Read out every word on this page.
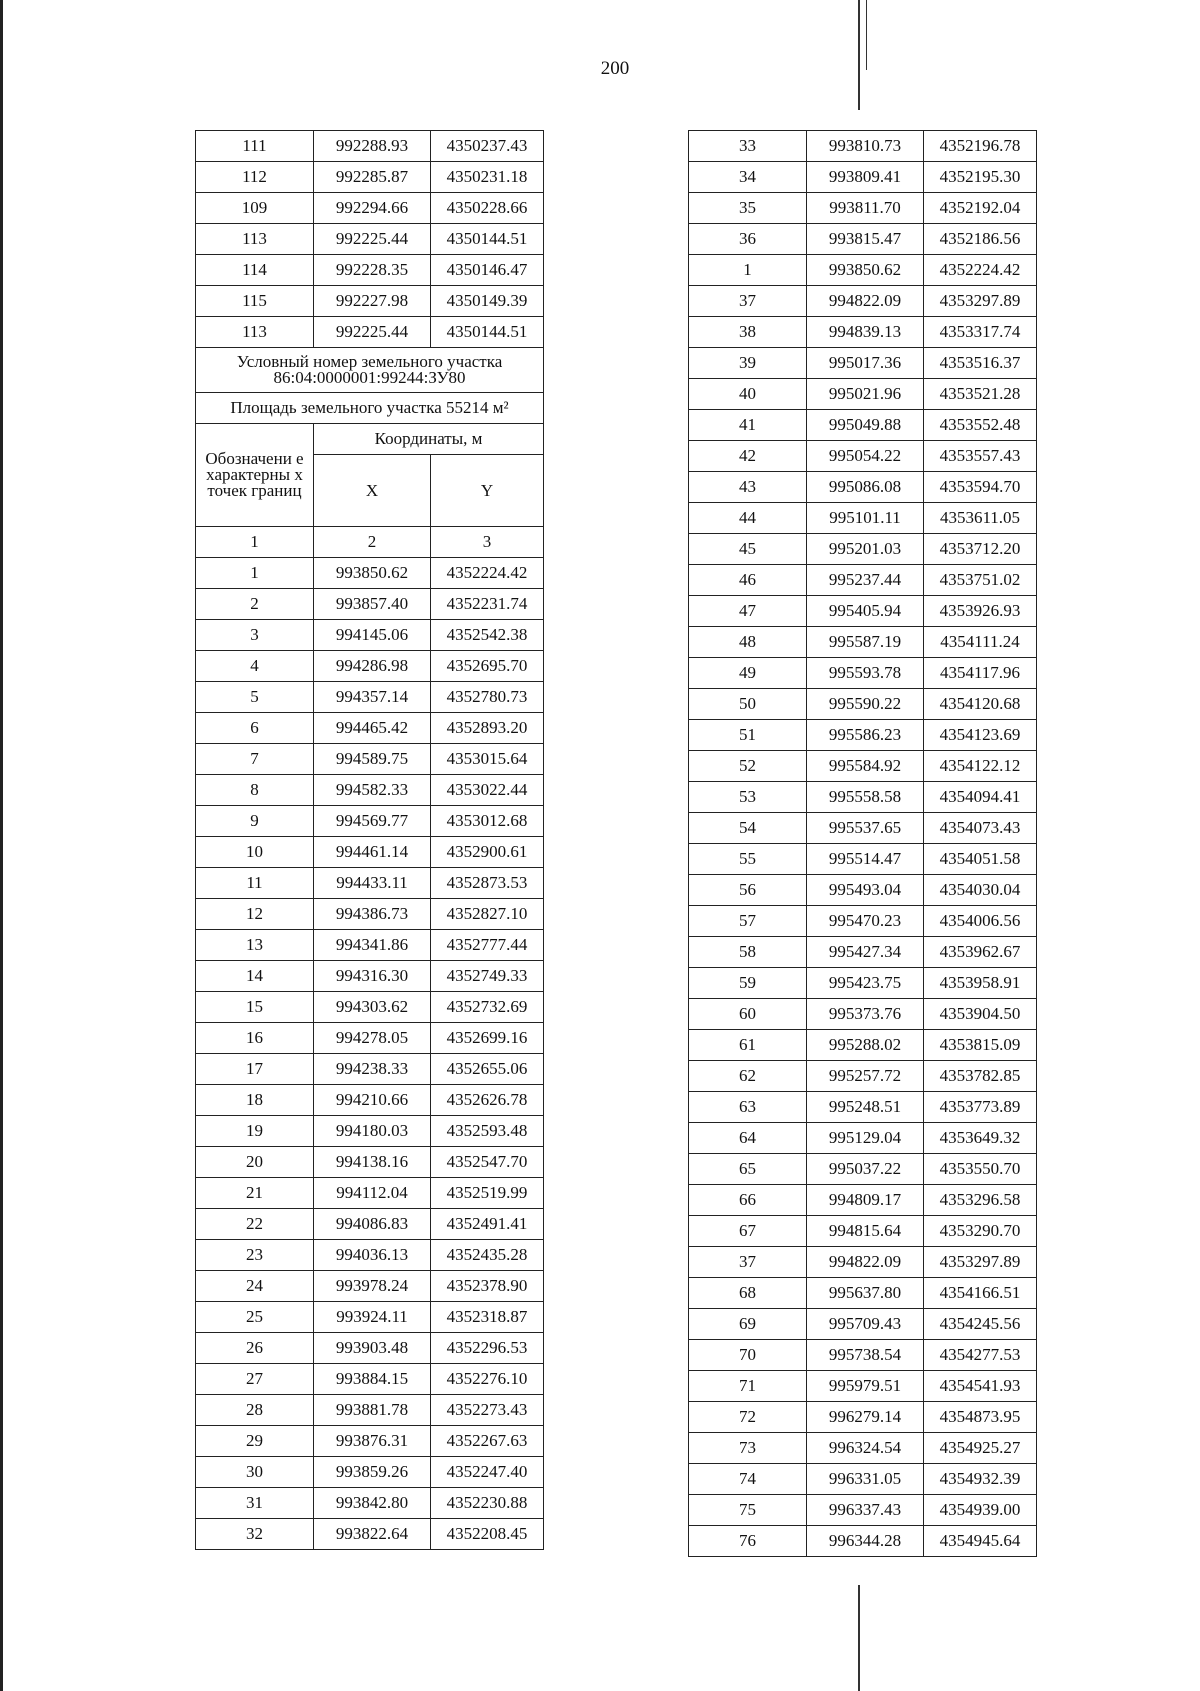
200
111	992288.93	4350237.43
112	992285.87	4350231.18
109	992294.66	4350228.66
113	992225.44	4350144.51
114	992228.35	4350146.47
115	992227.98	4350149.39
113	992225.44	4350144.51
Условный номер земельного участка
86:04:0000001:99244:ЗУ80		
Площадь земельного участка 55214 м²		
Обозначени е характерны х точек границ	Координаты, м	
	X	Y
1	2	3
1	993850.62	4352224.42
2	993857.40	4352231.74
3	994145.06	4352542.38
4	994286.98	4352695.70
5	994357.14	4352780.73
6	994465.42	4352893.20
7	994589.75	4353015.64
8	994582.33	4353022.44
9	994569.77	4353012.68
10	994461.14	4352900.61
11	994433.11	4352873.53
12	994386.73	4352827.10
13	994341.86	4352777.44
14	994316.30	4352749.33
15	994303.62	4352732.69
16	994278.05	4352699.16
17	994238.33	4352655.06
18	994210.66	4352626.78
19	994180.03	4352593.48
20	994138.16	4352547.70
21	994112.04	4352519.99
22	994086.83	4352491.41
23	994036.13	4352435.28
24	993978.24	4352378.90
25	993924.11	4352318.87
26	993903.48	4352296.53
27	993884.15	4352276.10
28	993881.78	4352273.43
29	993876.31	4352267.63
30	993859.26	4352247.40
31	993842.80	4352230.88
32	993822.64	4352208.45
33	993810.73	4352196.78
34	993809.41	4352195.30
35	993811.70	4352192.04
36	993815.47	4352186.56
1	993850.62	4352224.42
37	994822.09	4353297.89
38	994839.13	4353317.74
39	995017.36	4353516.37
40	995021.96	4353521.28
41	995049.88	4353552.48
42	995054.22	4353557.43
43	995086.08	4353594.70
44	995101.11	4353611.05
45	995201.03	4353712.20
46	995237.44	4353751.02
47	995405.94	4353926.93
48	995587.19	4354111.24
49	995593.78	4354117.96
50	995590.22	4354120.68
51	995586.23	4354123.69
52	995584.92	4354122.12
53	995558.58	4354094.41
54	995537.65	4354073.43
55	995514.47	4354051.58
56	995493.04	4354030.04
57	995470.23	4354006.56
58	995427.34	4353962.67
59	995423.75	4353958.91
60	995373.76	4353904.50
61	995288.02	4353815.09
62	995257.72	4353782.85
63	995248.51	4353773.89
64	995129.04	4353649.32
65	995037.22	4353550.70
66	994809.17	4353296.58
67	994815.64	4353290.70
37	994822.09	4353297.89
68	995637.80	4354166.51
69	995709.43	4354245.56
70	995738.54	4354277.53
71	995979.51	4354541.93
72	996279.14	4354873.95
73	996324.54	4354925.27
74	996331.05	4354932.39
75	996337.43	4354939.00
76	996344.28	4354945.64
